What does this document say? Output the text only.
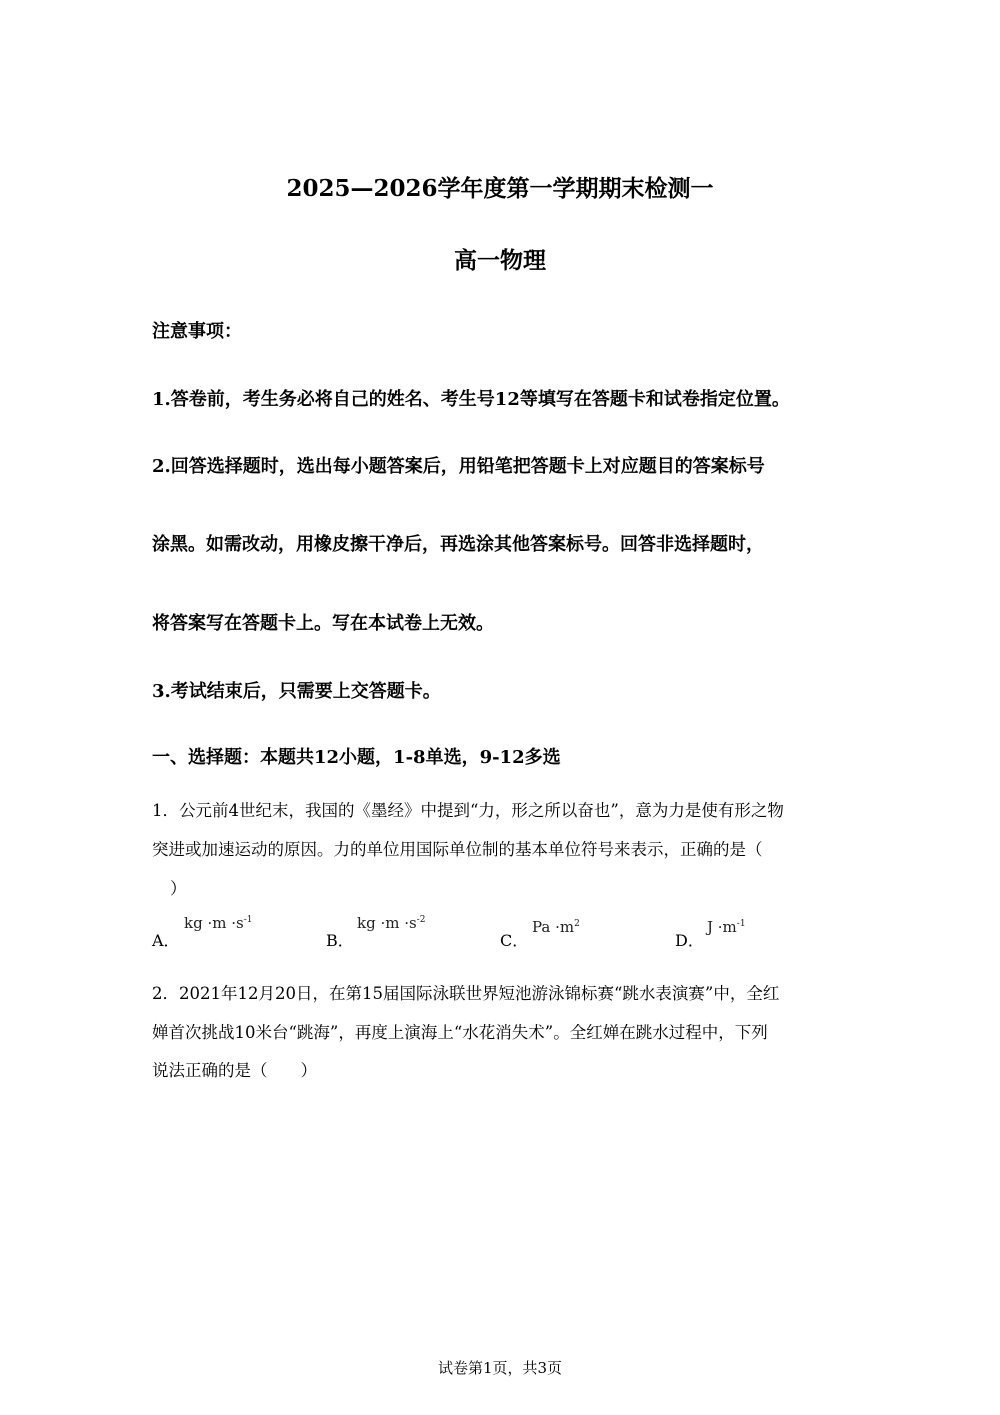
2025—2026学年度第一学期期末检测一
高一物理
注意事项：
1.答卷前，考生务必将自己的姓名、考生号12等填写在答题卡和试卷指定位置。
2.回答选择题时，选出每小题答案后，用铅笔把答题卡上对应题目的答案标号
涂黑。如需改动，用橡皮擦干净后，再选涂其他答案标号。回答非选择题时，
将答案写在答题卡上。写在本试卷上无效。
3.考试结束后，只需要上交答题卡。
一、选择题：本题共12小题，1-8单选，9-12多选
1．公元前4世纪末，我国的《墨经》中提到“力，形之所以奋也”，意为力是使有形之物
突进或加速运动的原因。力的单位用国际单位制的基本单位符号来表示，正确的是（
）
A．
kg $\cdot m \cdot s^{-1}$
B．
kg $\cdot m \cdot s^{-2}$
C．
$Pa \cdot m^2$
D．
$J \cdot m^{-1}$
2．2021年12月20日，在第15届国际泳联世界短池游泳锦标赛“跳水表演赛”中，全红
婵首次挑战10米台“跳海”，再度上演海上“水花消失术”。全红婵在跳水过程中，下列
说法正确的是（　　）
试卷第1页，共3页
